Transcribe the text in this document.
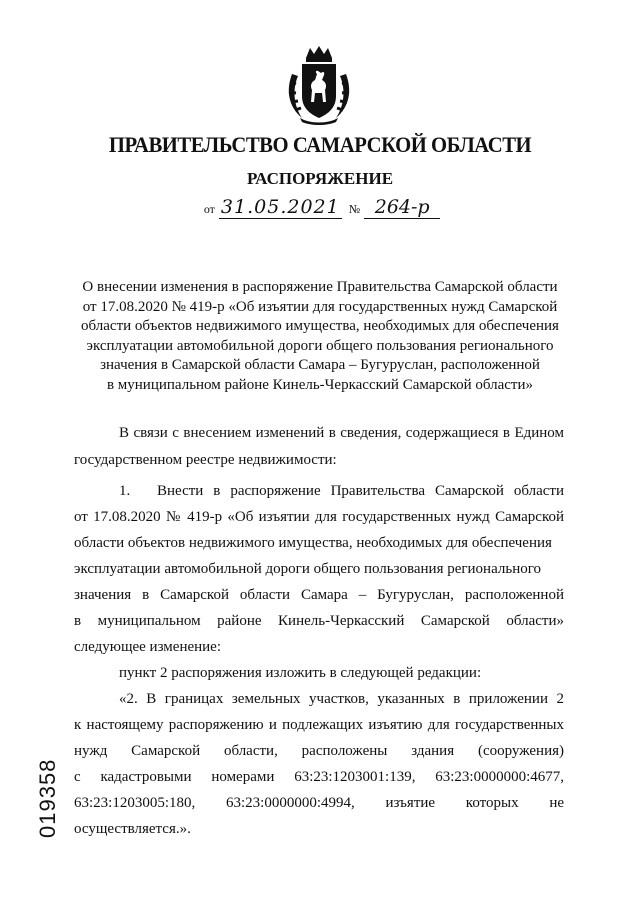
ПРАВИТЕЛЬСТВО САМАРСКОЙ ОБЛАСТИ
РАСПОРЯЖЕНИЕ
от 31.05.2021 № 264-р
О внесении изменения в распоряжение Правительства Самарской области
от 17.08.2020 № 419-р «Об изъятии для государственных нужд Самарской
области объектов недвижимого имущества, необходимых для обеспечения
эксплуатации автомобильной дороги общего пользования регионального
значения в Самарской области Самара – Бугуруслан, расположенной
в муниципальном районе Кинель-Черкасский Самарской области»
В связи с внесением изменений в сведения, содержащиеся в Едином
государственном реестре недвижимости:
1. Внести в распоряжение Правительства Самарской области
от 17.08.2020 № 419-р «Об изъятии для государственных нужд Самарской
области объектов недвижимого имущества, необходимых для обеспечения
эксплуатации автомобильной дороги общего пользования регионального
значения в Самарской области Самара – Бугуруслан, расположенной
в муниципальном районе Кинель-Черкасский Самарской области»
следующее изменение:
пункт 2 распоряжения изложить в следующей редакции:
«2. В границах земельных участков, указанных в приложении 2
к настоящему распоряжению и подлежащих изъятию для государственных
нужд Самарской области, расположены здания (сооружения)
с кадастровыми номерами 63:23:1203001:139, 63:23:0000000:4677,
63:23:1203005:180, 63:23:0000000:4994, изъятие которых не
осуществляется.».
019358
